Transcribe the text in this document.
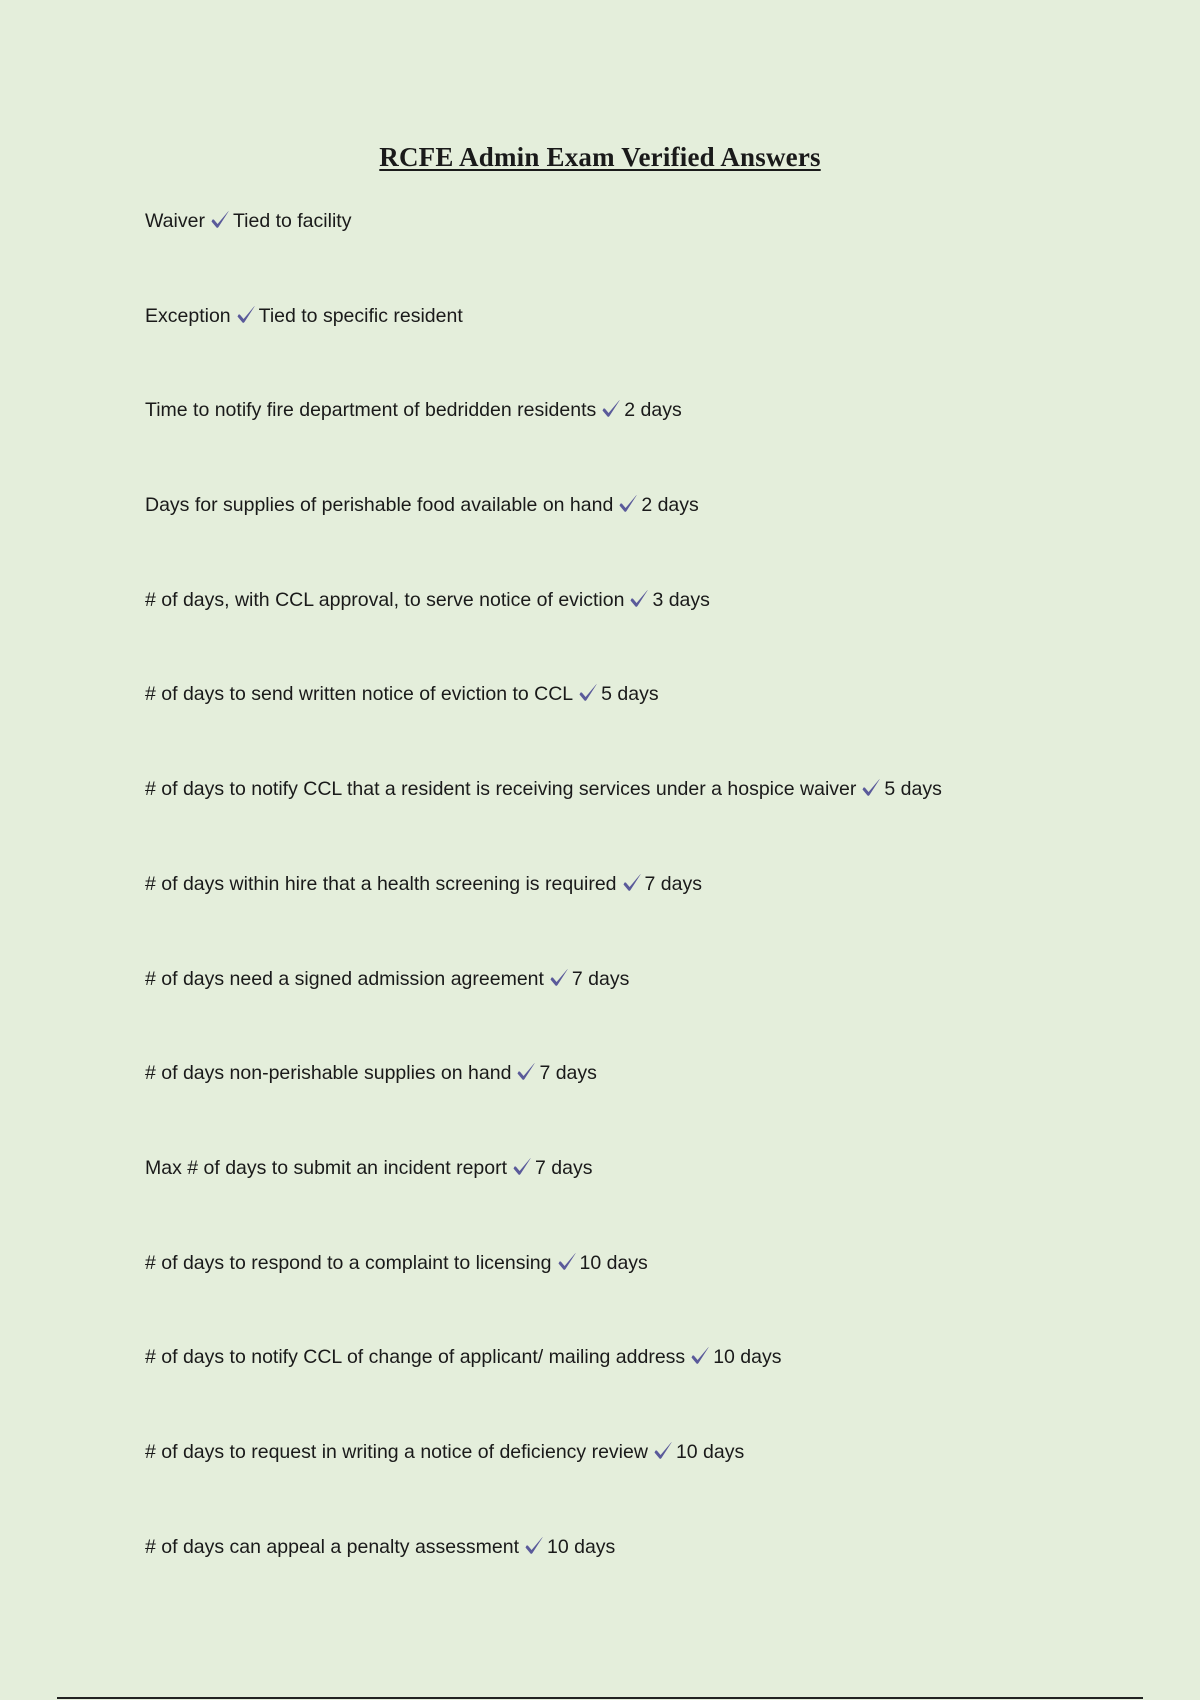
RCFE Admin Exam Verified Answers
Waiver Tied to facility
Exception Tied to specific resident
Time to notify fire department of bedridden residents 2 days
Days for supplies of perishable food available on hand 2 days
# of days, with CCL approval, to serve notice of eviction 3 days
# of days to send written notice of eviction to CCL 5 days
# of days to notify CCL that a resident is receiving services under a hospice waiver 5 days
# of days within hire that a health screening is required 7 days
# of days need a signed admission agreement 7 days
# of days non-perishable supplies on hand 7 days
Max # of days to submit an incident report 7 days
# of days to respond to a complaint to licensing 10 days
# of days to notify CCL of change of applicant/ mailing address 10 days
# of days to request in writing a notice of deficiency review 10 days
# of days can appeal a penalty assessment 10 days
